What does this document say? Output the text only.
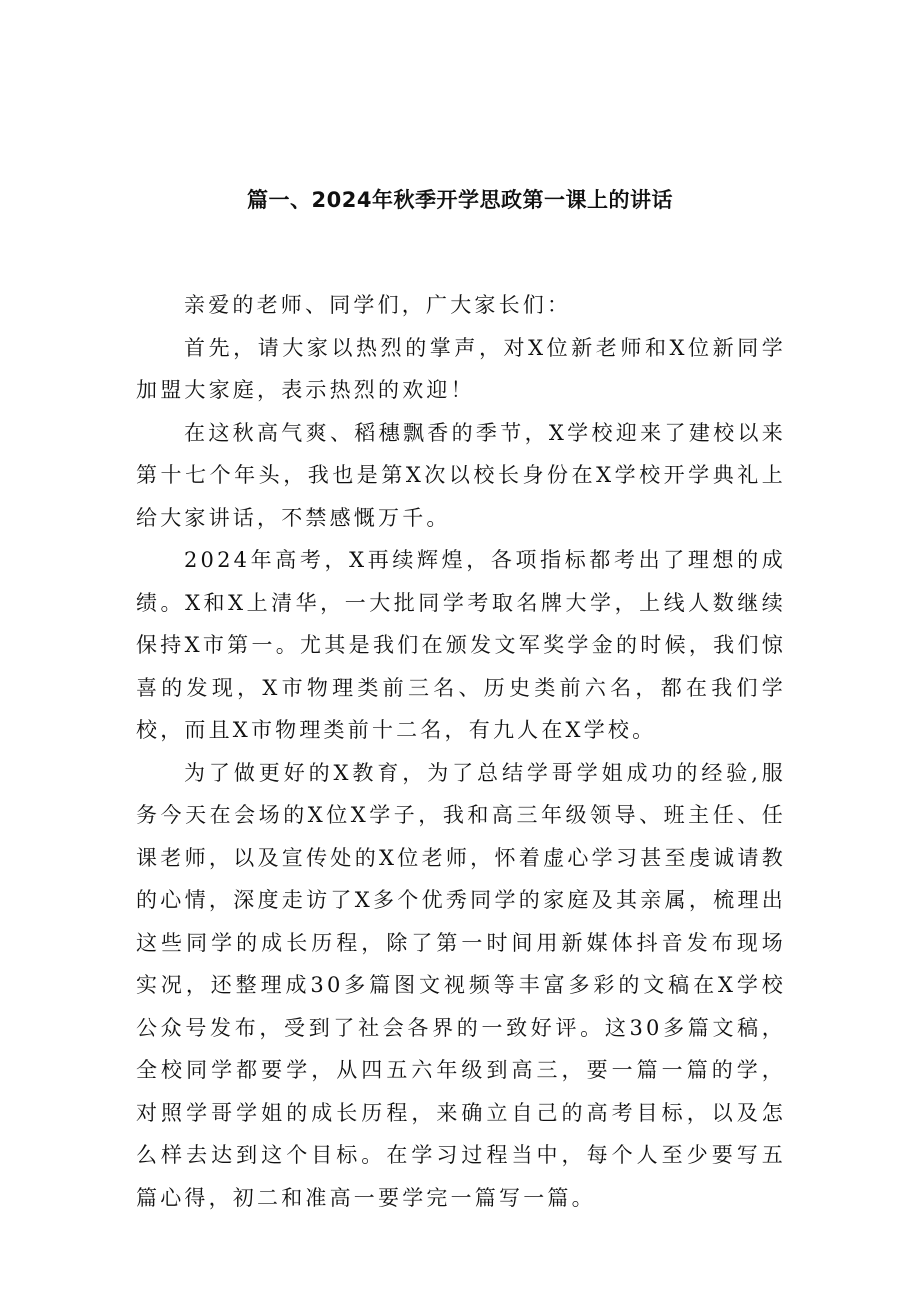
篇一、2024年秋季开学思政第一课上的讲话

亲爱的老师、同学们，广大家长们：

首先，请大家以热烈的掌声，对X位新老师和X位新同学加盟大家庭，表示热烈的欢迎！

在这秋高气爽、稻穗飘香的季节，X学校迎来了建校以来第十七个年头，我也是第X次以校长身份在X学校开学典礼上给大家讲话，不禁感慨万千。

2024年高考，X再续辉煌，各项指标都考出了理想的成绩。X和X上清华，一大批同学考取名牌大学，上线人数继续保持X市第一。尤其是我们在颁发文军奖学金的时候，我们惊喜的发现，X市物理类前三名、历史类前六名，都在我们学校，而且X市物理类前十二名，有九人在X学校。

为了做更好的X教育，为了总结学哥学姐成功的经验,服务今天在会场的X位X学子，我和高三年级领导、班主任、任课老师，以及宣传处的X位老师，怀着虚心学习甚至虔诚请教的心情，深度走访了X多个优秀同学的家庭及其亲属，梳理出这些同学的成长历程，除了第一时间用新媒体抖音发布现场实况，还整理成30多篇图文视频等丰富多彩的文稿在X学校公众号发布，受到了社会各界的一致好评。这30多篇文稿，全校同学都要学，从四五六年级到高三，要一篇一篇的学，对照学哥学姐的成长历程，来确立自己的高考目标，以及怎么样去达到这个目标。在学习过程当中，每个人至少要写五篇心得，初二和准高一要学完一篇写一篇。
